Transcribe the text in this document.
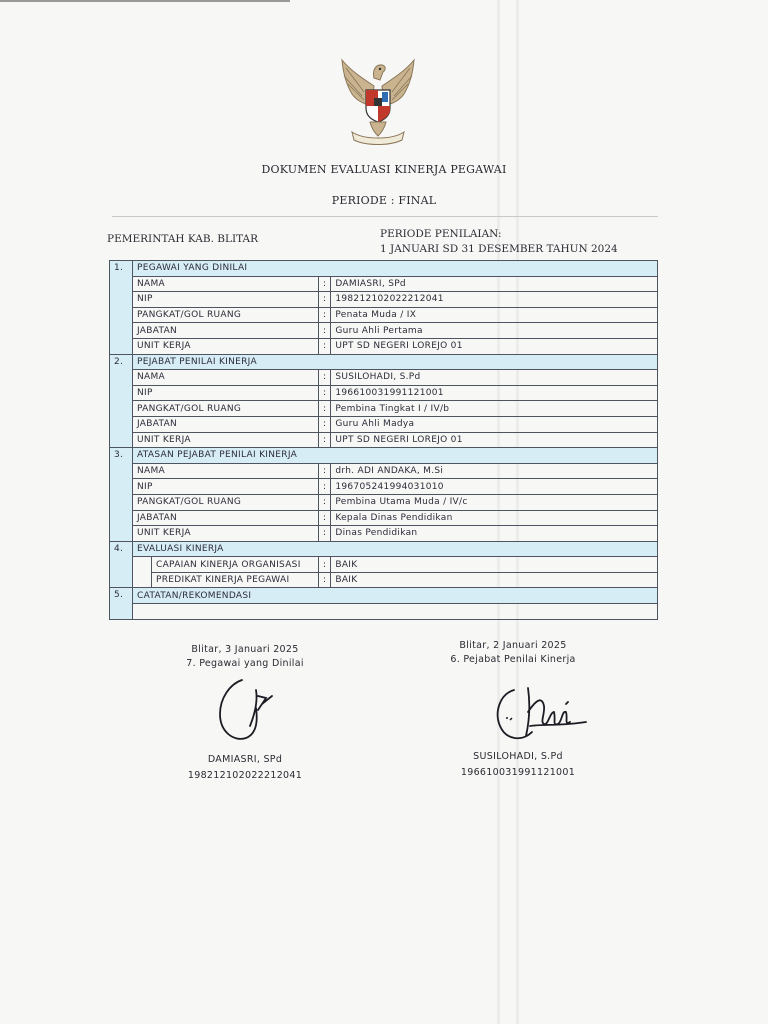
DOKUMEN EVALUASI KINERJA PEGAWAI
PERIODE : FINAL
PEMERINTAH KAB. BLITAR	PERIODE PENILAIAN:
1 JANUARI SD 31 DESEMBER TAHUN 2024
1.	PEGAWAI YANG DINILAI			
	NAMA		:	DAMIASRI, SPd
	NIP		:	198212102022212041
	PANGKAT/GOL RUANG		:	Penata Muda / IX
	JABATAN		:	Guru Ahli Pertama
	UNIT KERJA		:	UPT SD NEGERI LOREJO 01
2.	PEJABAT PENILAI KINERJA			
	NAMA		:	SUSILOHADI, S.Pd
	NIP		:	196610031991121001
	PANGKAT/GOL RUANG		:	Pembina Tingkat I / IV/b
	JABATAN		:	Guru Ahli Madya
	UNIT KERJA		:	UPT SD NEGERI LOREJO 01
3.	ATASAN PEJABAT PENILAI KINERJA			
	NAMA		:	drh. ADI ANDAKA, M.Si
	NIP		:	196705241994031010
	PANGKAT/GOL RUANG		:	Pembina Utama Muda / IV/c
	JABATAN		:	Kepala Dinas Pendidikan
	UNIT KERJA		:	Dinas Pendidikan
4.	EVALUASI KINERJA			
		CAPAIAN KINERJA ORGANISASI	:	BAIK
		PREDIKAT KINERJA PEGAWAI	:	BAIK
5.	CATATAN/REKOMENDASI			

Blitar, 3 Januari 2025
7. Pegawai yang Dinilai
DAMIASRI, SPd
198212102022212041
Blitar, 2 Januari 2025
6. Pejabat Penilai Kinerja
SUSILOHADI, S.Pd
196610031991121001
